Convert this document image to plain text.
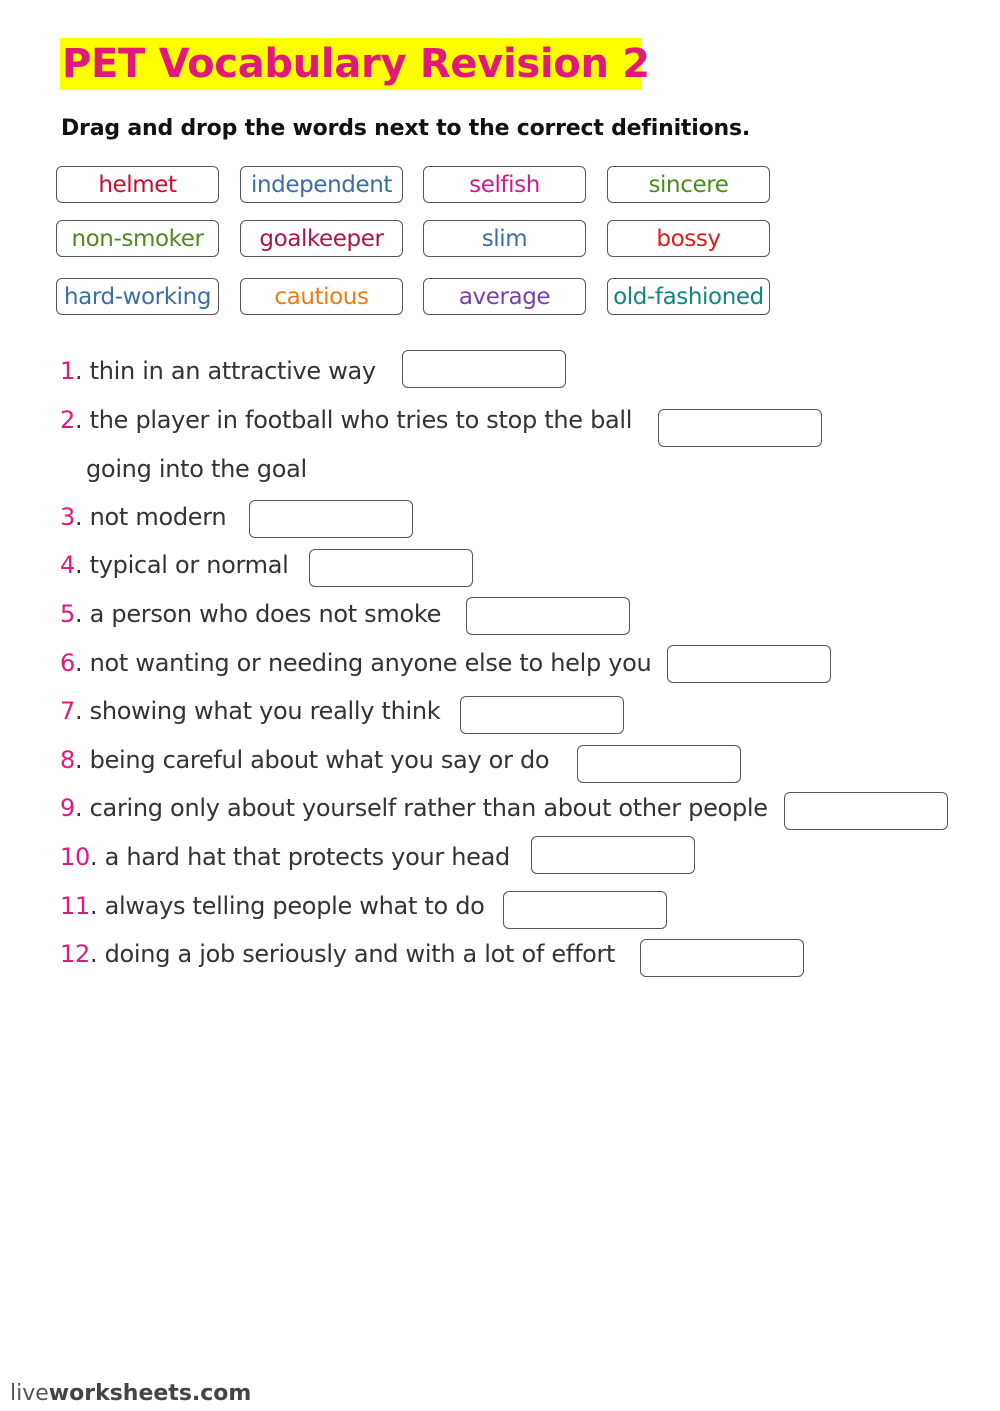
PET Vocabulary Revision 2
Drag and drop the words next to the correct definitions.
helmet	independent	selfish	sincere
non-smoker goalkeeper	slim	bossy
hard-working	cautious	average	old-fashioned
1. thin in an attractive way
2. the player in football who tries to stop the ball
going into the goal
3. not modern
4. typical or normal
5. a person who does not smoke
6. not wanting or needing anyone else to help you
7. showing what you really think
8. being careful about what you say or do
9. caring only about yourself rather than about other people
10. a hard hat that protects your head
11. always telling people what to do
12. doing a job seriously and with a lot of effort
liveworksheets.com
